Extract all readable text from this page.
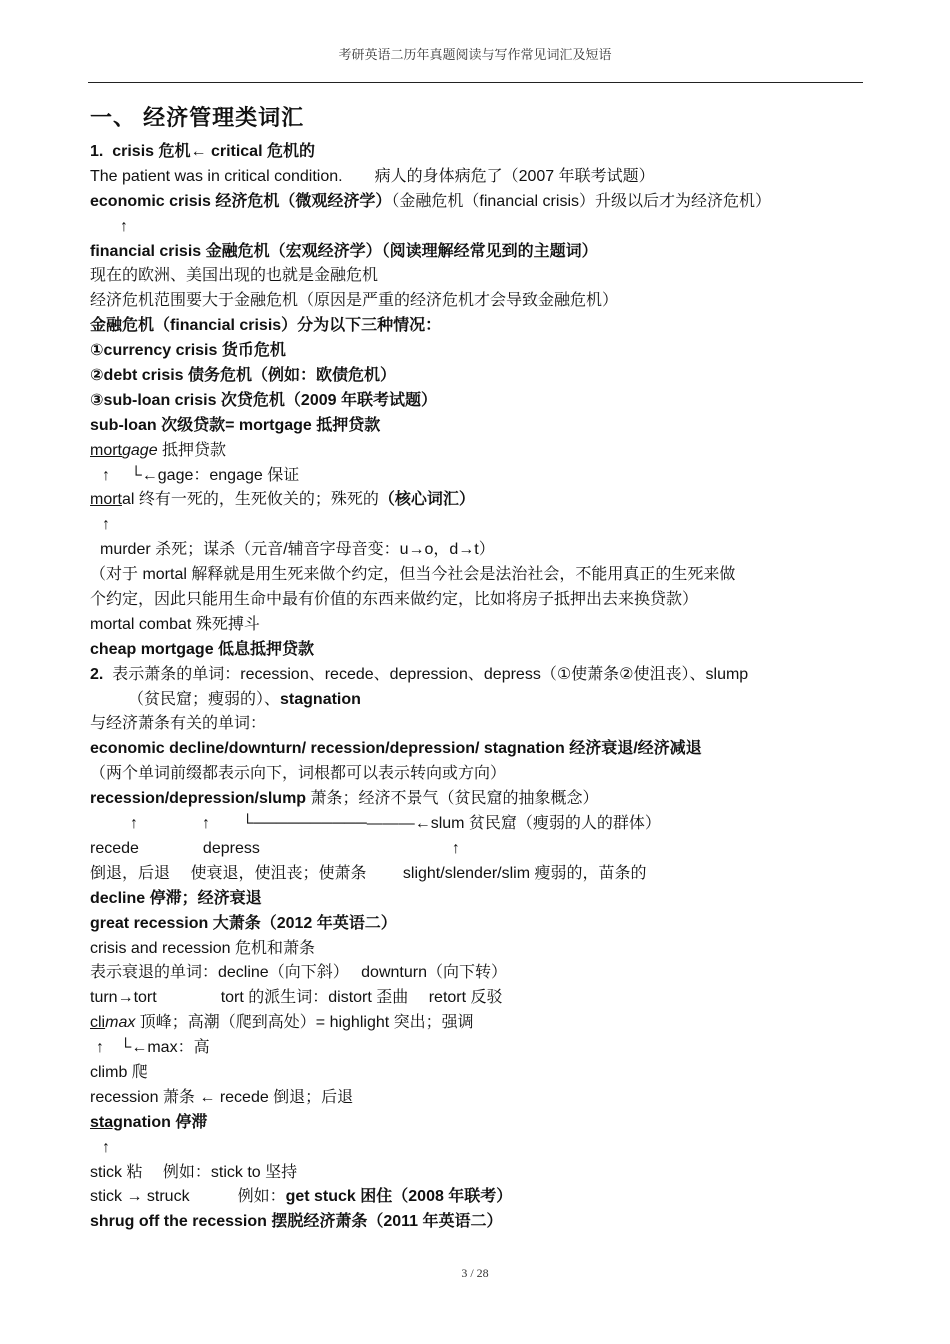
考研英语二历年真题阅读与写作常见词汇及短语
一、 经济管理类词汇
1. crisis 危机← critical 危机的
The patient was in critical condition.　　病人的身体病危了（2007 年联考试题）
economic crisis 经济危机（微观经济学）（金融危机（financial crisis）升级以后才为经济危机）
↑
financial crisis 金融危机（宏观经济学）（阅读理解经常见到的主题词）
现在的欧洲、美国出现的也就是金融危机
经济危机范围要大于金融危机（原因是严重的经济危机才会导致金融危机）
金融危机（financial crisis）分为以下三种情况：
①currency crisis 货币危机
②debt crisis 债务危机（例如：欧债危机）
③sub-loan crisis 次贷危机（2009 年联考试题）
sub-loan 次级贷款= mortgage 抵押贷款
mortgage 抵押贷款
↑　 └←gage：engage 保证
mortal 终有一死的，生死攸关的；殊死的（核心词汇）
↑
murder 杀死；谋杀（元音/辅音字母音变：u→o，d→t）
（对于 mortal 解释就是用生死来做个约定，但当今社会是法治社会，不能用真正的生死来做
个约定，因此只能用生命中最有价值的东西来做约定，比如将房子抵押出去来换贷款）
mortal combat 殊死搏斗
cheap mortgage 低息抵押贷款
2. 表示萧条的单词：recession、recede、depression、depress（①使萧条②使沮丧）、slump
（贫民窟；瘦弱的）、stagnation
与经济萧条有关的单词：
economic decline/downturn/ recession/depression/ stagnation 经济衰退/经济减退
（两个单词前缀都表示向下，词根都可以表示转向或方向）
recession/depression/slump 萧条；经济不景气（贫民窟的抽象概念）
↑　　　　↑　　└──────────———←slum 贫民窟（瘦弱的人的群体）
recede　　　　depress　　　　　　　　　　　　↑
倒退，后退　 使衰退，使沮丧；使萧条　　 slight/slender/slim 瘦弱的，苗条的
decline 停滞；经济衰退
great recession 大萧条（2012 年英语二）
crisis and recession 危机和萧条
表示衰退的单词：decline（向下斜）　 downturn（向下转）
turn→tort　　　　tort 的派生词：distort 歪曲　 retort 反驳
climax 顶峰；高潮（爬到高处）= highlight 突出；强调
↑　└←max：高
climb 爬
recession 萧条 ← recede 倒退；后退
stagnation 停滞
↑
stick 粘　 例如：stick to 坚持
stick → struck　　　例如：get stuck 困住（2008 年联考）
shrug off the recession 摆脱经济萧条（2011 年英语二）
3 / 28
